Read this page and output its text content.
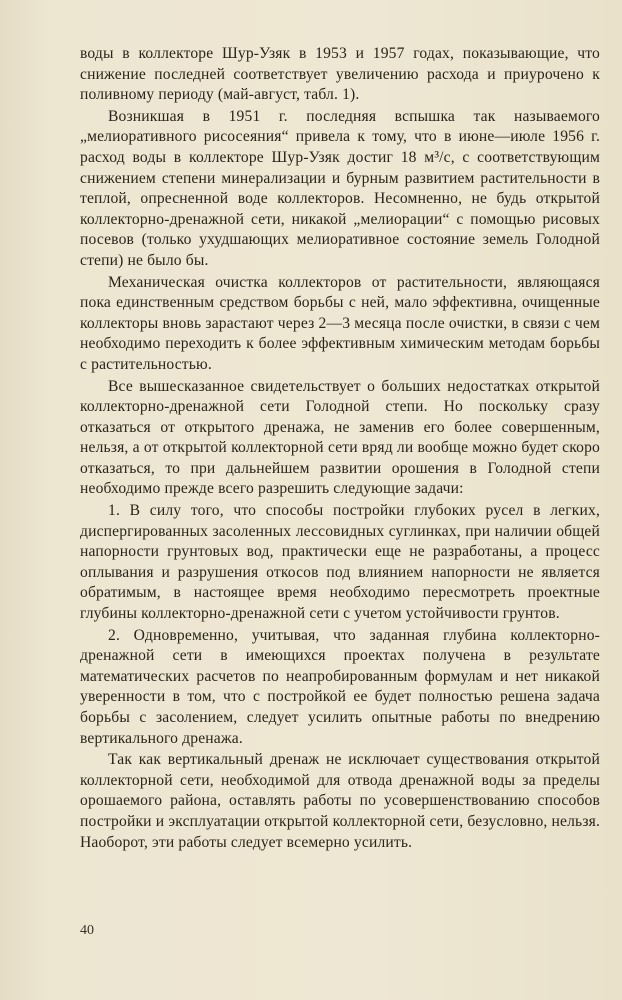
воды в коллекторе Шур-Узяк в 1953 и 1957 годах, показывающие, что снижение последней соответствует увеличению расхода и приурочено к поливному периоду (май-август, табл. 1).

Возникшая в 1951 г. последняя вспышка так называемого „мелиоративного рисосеяния“ привела к тому, что в июне—июле 1956 г. расход воды в коллекторе Шур-Узяк достиг 18 м³/с, с соответствующим снижением степени минерализации и бурным развитием растительности в теплой, опресненной воде коллекторов. Несомненно, не будь открытой коллекторно-дренажной сети, никакой „мелиорации“ с помощью рисовых посевов (только ухудшающих мелиоративное состояние земель Голодной степи) не было бы.

Механическая очистка коллекторов от растительности, являющаяся пока единственным средством борьбы с ней, мало эффективна, очищенные коллекторы вновь зарастают через 2—3 месяца после очистки, в связи с чем необходимо переходить к более эффективным химическим методам борьбы с растительностью.

Все вышесказанное свидетельствует о больших недостатках открытой коллекторно-дренажной сети Голодной степи. Но поскольку сразу отказаться от открытого дренажа, не заменив его более совершенным, нельзя, а от открытой коллекторной сети вряд ли вообще можно будет скоро отказаться, то при дальнейшем развитии орошения в Голодной степи необходимо прежде всего разрешить следующие задачи:

1. В силу того, что способы постройки глубоких русел в легких, диспергированных засоленных лессовидных суглинках, при наличии общей напорности грунтовых вод, практически еще не разработаны, а процесс оплывания и разрушения откосов под влиянием напорности не является обратимым, в настоящее время необходимо пересмотреть проектные глубины коллекторно-дренажной сети с учетом устойчивости грунтов.

2. Одновременно, учитывая, что заданная глубина коллекторно-дренажной сети в имеющихся проектах получена в результате математических расчетов по неапробированным формулам и нет никакой уверенности в том, что с постройкой ее будет полностью решена задача борьбы с засолением, следует усилить опытные работы по внедрению вертикального дренажа.

Так как вертикальный дренаж не исключает существования открытой коллекторной сети, необходимой для отвода дренажной воды за пределы орошаемого района, оставлять работы по усовершенствованию способов постройки и эксплуатации открытой коллекторной сети, безусловно, нельзя. Наоборот, эти работы следует всемерно усилить.

40
